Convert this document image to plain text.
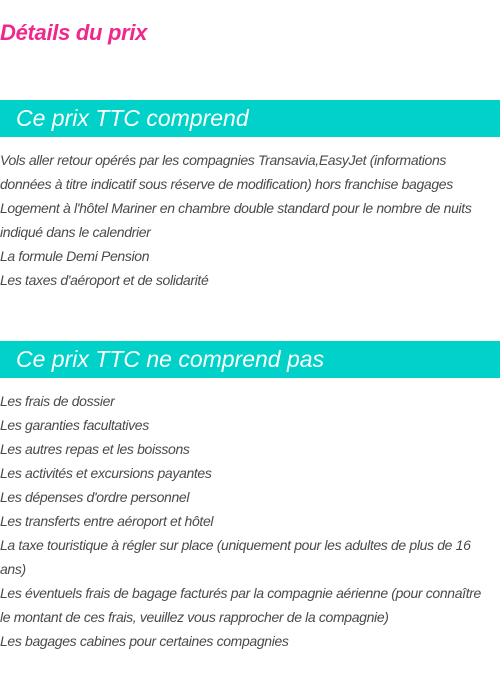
Détails du prix
Ce prix TTC comprend
Vols aller retour opérés par les compagnies Transavia,EasyJet (informations données à titre indicatif sous réserve de modification) hors franchise bagages
Logement à l'hôtel Mariner en chambre double standard pour le nombre de nuits indiqué dans le calendrier
La formule Demi Pension
Les taxes d'aéroport et de solidarité
Ce prix TTC ne comprend pas
Les frais de dossier
Les garanties facultatives
Les autres repas et les boissons
Les activités et excursions payantes
Les dépenses d'ordre personnel
Les transferts entre aéroport et hôtel
La taxe touristique à régler sur place (uniquement pour les adultes de plus de 16 ans)
Les éventuels frais de bagage facturés par la compagnie aérienne (pour connaître le montant de ces frais, veuillez vous rapprocher de la compagnie)
Les bagages cabines pour certaines compagnies
